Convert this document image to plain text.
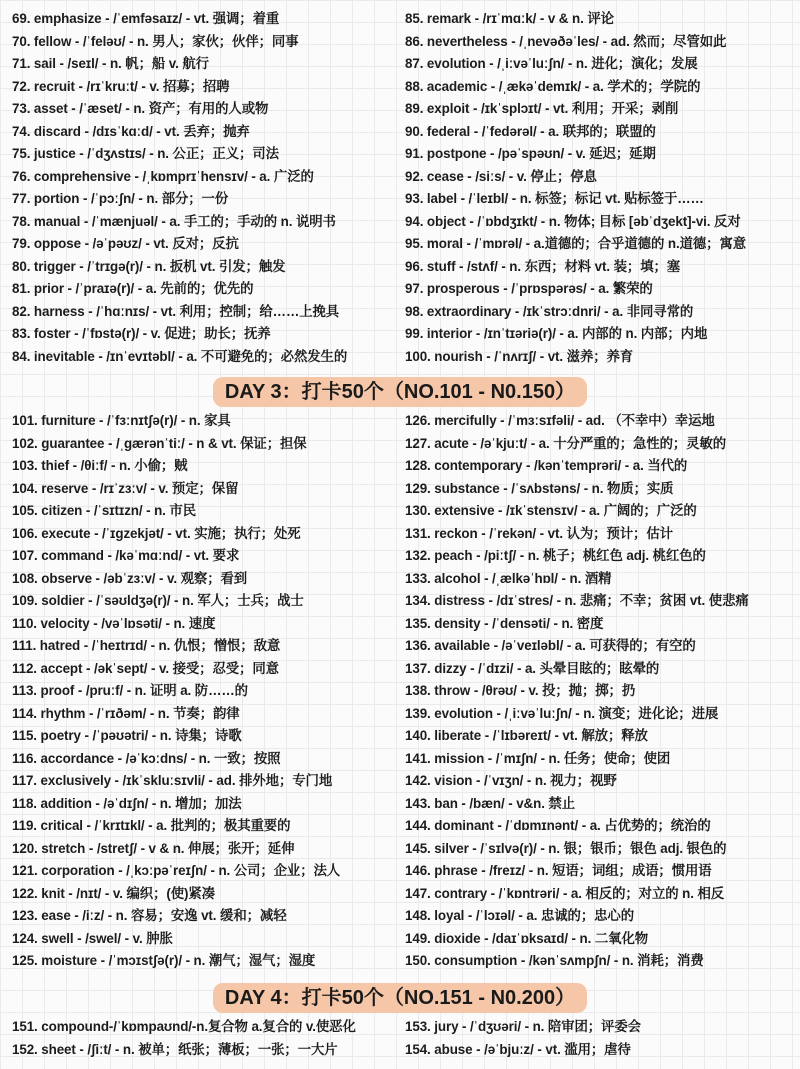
69. emphasize - /ˈemfəsaɪz/ - vt. 强调；着重
70. fellow - /ˈfeləʊ/ - n. 男人；家伙；伙伴；同事
71. sail - /seɪl/ - n. 帆；船 v. 航行
72. recruit - /rɪˈkruːt/ - v. 招募；招聘
73. asset - /ˈæset/ - n. 资产；有用的人或物
74. discard - /dɪsˈkɑːd/ - vt. 丢弃；抛弃
75. justice - /ˈdʒʌstɪs/ - n. 公正；正义；司法
76. comprehensive - /ˌkɒmprɪˈhensɪv/ - a. 广泛的
77. portion - /ˈpɔːʃn/ - n. 部分；一份
78. manual - /ˈmænjuəl/ - a. 手工的；手动的 n. 说明书
79. oppose - /əˈpəʊz/ - vt. 反对；反抗
80. trigger - /ˈtrɪɡə(r)/ - n. 扳机 vt. 引发；触发
81. prior - /ˈpraɪə(r)/ - a. 先前的；优先的
82. harness - /ˈhɑːnɪs/ - vt. 利用；控制；给……上挽具
83. foster - /ˈfɒstə(r)/ - v. 促进；助长；抚养
84. inevitable - /ɪnˈevɪtəbl/ - a. 不可避免的；必然发生的
85. remark - /rɪˈmɑːk/ - v & n. 评论
86. nevertheless - /ˌnevəðəˈles/ - ad. 然而；尽管如此
87. evolution - /ˌiːvəˈluːʃn/ - n. 进化；演化；发展
88. academic - /ˌækəˈdemɪk/ - a. 学术的；学院的
89. exploit - /ɪkˈsplɔɪt/ - vt. 利用；开采；剥削
90. federal - /ˈfedərəl/ - a. 联邦的；联盟的
91. postpone - /pəˈspəʊn/ - v. 延迟；延期
92. cease - /siːs/ - v. 停止；停息
93. label - /ˈleɪbl/ - n. 标签；标记 vt. 贴标签于……
94. object - /ˈɒbdʒɪkt/ - n. 物体; 目标 [əbˈdʒekt]-vi. 反对
95. moral - /ˈmɒrəl/ - a.道德的；合乎道德的 n.道德；寓意
96. stuff - /stʌf/ - n. 东西；材料 vt. 装；填；塞
97. prosperous - /ˈprɒspərəs/ - a. 繁荣的
98. extraordinary - /ɪkˈstrɔːdnri/ - a. 非同寻常的
99. interior - /ɪnˈtɪəriə(r)/ - a. 内部的 n. 内部；内地
100. nourish - /ˈnʌrɪʃ/ - vt. 滋养；养育
DAY 3：打卡50个（NO.101 - N0.150）
101. furniture - /ˈfɜːnɪtʃə(r)/ - n. 家具
102. guarantee - /ˌɡærənˈtiː/ - n & vt. 保证；担保
103. thief - /θiːf/ - n. 小偷；贼
104. reserve - /rɪˈzɜːv/ - v. 预定；保留
105. citizen - /ˈsɪtɪzn/ - n. 市民
106. execute - /ˈɪɡzekjət/ - vt. 实施；执行；处死
107. command - /kəˈmɑːnd/ - vt. 要求
108. observe - /əbˈzɜːv/ - v. 观察；看到
109. soldier - /ˈsəʊldʒə(r)/ - n. 军人；士兵；战士
110. velocity - /vəˈlɒsəti/ - n. 速度
111. hatred - /ˈheɪtrɪd/ - n. 仇恨；憎恨；敌意
112. accept - /əkˈsept/ - v. 接受；忍受；同意
113. proof - /pruːf/ - n. 证明 a. 防……的
114. rhythm - /ˈrɪðəm/ - n. 节奏；韵律
115. poetry - /ˈpəʊətri/ - n. 诗集；诗歌
116. accordance - /əˈkɔːdns/ - n. 一致；按照
117. exclusively - /ɪkˈskluːsɪvli/ - ad. 排外地；专门地
118. addition - /əˈdɪʃn/ - n. 增加；加法
119. critical - /ˈkrɪtɪkl/ - a. 批判的；极其重要的
120. stretch - /stretʃ/ - v & n. 伸展；张开；延伸
121. corporation - /ˌkɔːpəˈreɪʃn/ - n. 公司；企业；法人
122. knit - /nɪt/ - v. 编织；(使)紧凑
123. ease - /iːz/ - n. 容易；安逸 vt. 缓和；减轻
124. swell - /swel/ - v. 肿胀
125. moisture - /ˈmɔɪstʃə(r)/ - n. 潮气；湿气；湿度
126. mercifully - /ˈmɜːsɪfəli/ - ad. （不幸中）幸运地
127. acute - /əˈkjuːt/ - a. 十分严重的；急性的；灵敏的
128. contemporary - /kənˈtemprəri/ - a. 当代的
129. substance - /ˈsʌbstəns/ - n. 物质；实质
130. extensive - /ɪkˈstensɪv/ - a. 广阔的；广泛的
131. reckon - /ˈrekən/ - vt. 认为；预计；估计
132. peach - /piːtʃ/ - n. 桃子；桃红色 adj. 桃红色的
133. alcohol - /ˌælkəˈhɒl/ - n. 酒精
134. distress - /dɪˈstres/ - n. 悲痛；不幸；贫困 vt. 使悲痛
135. density - /ˈdensəti/ - n. 密度
136. available - /əˈveɪləbl/ - a. 可获得的；有空的
137. dizzy - /ˈdɪzi/ - a. 头晕目眩的；眩晕的
138. throw - /θrəʊ/ - v. 投；抛；掷；扔
139. evolution - /ˌiːvəˈluːʃn/ - n. 演变；进化论；进展
140. liberate - /ˈlɪbəreɪt/ - vt. 解放；释放
141. mission - /ˈmɪʃn/ - n. 任务；使命；使团
142. vision - /ˈvɪʒn/ - n. 视力；视野
143. ban - /bæn/ - v&n. 禁止
144. dominant - /ˈdɒmɪnənt/ - a. 占优势的；统治的
145. silver - /ˈsɪlvə(r)/ - n. 银；银币；银色 adj. 银色的
146. phrase - /freɪz/ - n. 短语；词组；成语；惯用语
147. contrary - /ˈkɒntrəri/ - a. 相反的；对立的 n. 相反
148. loyal - /ˈlɔɪəl/ - a. 忠诚的；忠心的
149. dioxide - /daɪˈɒksaɪd/ - n. 二氧化物
150. consumption - /kənˈsʌmpʃn/ - n. 消耗；消费
DAY 4：打卡50个（NO.151 - N0.200）
151. compound-/ˈkɒmpaʊnd/-n.复合物 a.复合的 v.使恶化
152. sheet - /ʃiːt/ - n. 被单；纸张；薄板；一张；一大片
153. jury - /ˈdʒʊəri/ - n. 陪审团；评委会
154. abuse - /əˈbjuːz/ - vt. 滥用；虐待
